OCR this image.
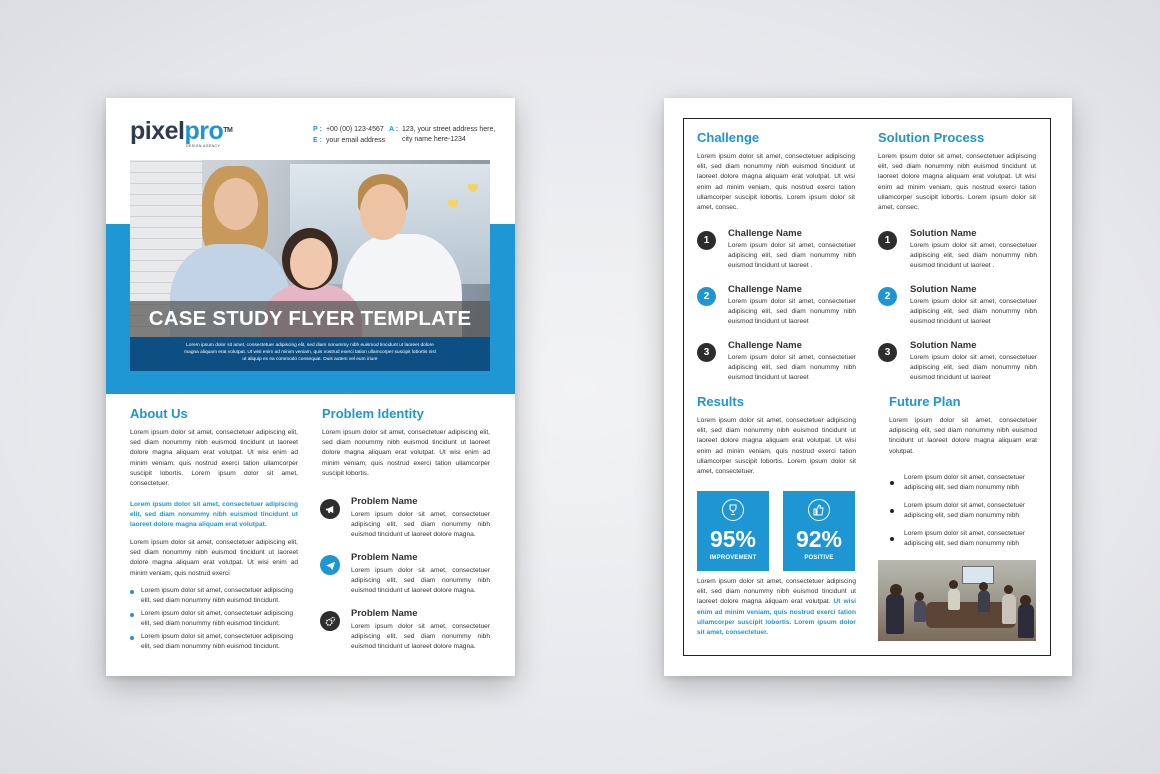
pixelpro™
DESIGN AGENCY
P : +00 (00) 123-4567
E : your email address
A : 123, your street address here,
city name here-1234
CASE STUDY FLYER TEMPLATE
Lorem ipsum dolor sit amet, consectetuer adipiscing elit, sed diam nonummy nibh euismod tincidunt ut laoreet dolore magna aliquam erat volutpat. Ut wisi enim ad minim veniam, quis nostrud exerci tation ullamcorper suscipit lobortis nisl ut aliquip ex ea commodo consequat. Duis autem vel eum iriure
About Us
Lorem ipsum dolor sit amet, consectetuer adipiscing elit, sed diam nonummy nibh euismod tincidunt ut laoreet dolore magna aliquam erat volutpat. Ut wisi enim ad minim veniam, quis nostrud exerci tation ullamcorper suscipit lobortis. Lorem ipsum dolor sit amet, consectetuer.
Lorem ipsum dolor sit amet, consectetuer adipiscing elit, sed diam nonummy nibh euismod tincidunt ut laoreet dolore magna aliquam erat volutpat.
Lorem ipsum dolor sit amet, consectetuer adipiscing elit, sed diam nonummy nibh euismod tincidunt ut laoreet dolore magna aliquam erat volutpat. Ut wisi enim ad minim veniam, quis nostrud exerci
Lorem ipsum dolor sit amet, consectetuer adipiscing
elit, sed diam nonummy nibh euismod tincidunt.
Lorem ipsum dolor sit amet, consectetuer adipiscing
elit, sed diam nonummy nibh euismod tincidunt.
Lorem ipsum dolor sit amet, consectetuer adipiscing
elit, sed diam nonummy nibh euismod tincidunt.
Problem Identity
Lorem ipsum dolor sit amet, consectetuer adipiscing elit, sed diam nonummy nibh euismod tincidunt ut laoreet dolore magna aliquam erat volutpat. Ut wisi enim ad minim veniam, quis nostrud exerci tation ullamcorper suscipit lobortis.
Problem Name
Lorem ipsum dolor sit amet, consectetuer adipiscing elit, sed diam nonummy nibh euismod tincidunt ut laoreet dolore magna.
Problem Name
Lorem ipsum dolor sit amet, consectetuer adipiscing elit, sed diam nonummy nibh euismod tincidunt ut laoreet dolore magna.
Problem Name
Lorem ipsum dolor sit amet, consectetuer adipiscing elit, sed diam nonummy nibh euismod tincidunt ut laoreet dolore magna.
Challenge
Lorem ipsum dolor sit amet, consectetuer adipiscing elit, sed diam nonummy nibh euismod tincidunt ut laoreet dolore magna aliquam erat volutpat. Ut wisi enim ad minim veniam, quis nostrud exerci tation ullamcorper suscipit lobortis. Lorem ipsum dolor sit amet, consec.
1
Challenge Name
Lorem ipsum dolor sit amet, consectetuer adipiscing elit, sed diam nonummy nibh euismod tincidunt ut laoreet .
2
Challenge Name
Lorem ipsum dolor sit amet, consectetuer adipiscing elit, sed diam nonummy nibh euismod tincidunt ut laoreet
3
Challenge Name
Lorem ipsum dolor sit amet, consectetuer adipiscing elit, sed diam nonummy nibh euismod tincidunt ut laoreet
Solution Process
Lorem ipsum dolor sit amet, consectetuer adipiscing elit, sed diam nonummy nibh euismod tincidunt ut laoreet dolore magna aliquam erat volutpat. Ut wisi enim ad minim veniam, quis nostrud exerci tation ullamcorper suscipit lobortis. Lorem ipsum dolor sit amet, consec.
1
Solution Name
Lorem ipsum dolor sit amet, consectetuer adipiscing elit, sed diam nonummy nibh euismod tincidunt ut laoreet .
2
Solution Name
Lorem ipsum dolor sit amet, consectetuer adipiscing elit, sed diam nonummy nibh euismod tincidunt ut laoreet
3
Solution Name
Lorem ipsum dolor sit amet, consectetuer adipiscing elit, sed diam nonummy nibh euismod tincidunt ut laoreet
Results
Lorem ipsum dolor sit amet, consectetuer adipiscing elit, sed diam nonummy nibh euismod tincidunt ut laoreet dolore magna aliquam erat volutpat. Ut wisi enim ad minim veniam, quis nostrud exerci tation ullamcorper suscipit lobortis. Lorem ipsum dolor sit amet, consectetuer.
95%
IMPROVEMENT
92%
POSITIVE
Lorem ipsum dolor sit amet, consectetuer adipiscing elit, sed diam nonummy nibh euismod tincidunt ut laoreet dolore magna aliquam erat volutpat. Ut wisi enim ad minim veniam, quis nostrud exerci tation ullamcorper suscipit lobortis. Lorem ipsum dolor sit amet, consectetuer.
Future Plan
Lorem ipsum dolor sit amet, consectetuer adipiscing elit, sed diam nonummy nibh euismod tincidunt ut laoreet dolore magna aliquam erat volutpat.
Lorem ipsum dolor sit amet, consectetuer
adipiscing elit, sed diam nonummy nibh
Lorem ipsum dolor sit amet, consectetuer
adipiscing elit, sed diam nonummy nibh
Lorem ipsum dolor sit amet, consectetuer
adipiscing elit, sed diam nonummy nibh
